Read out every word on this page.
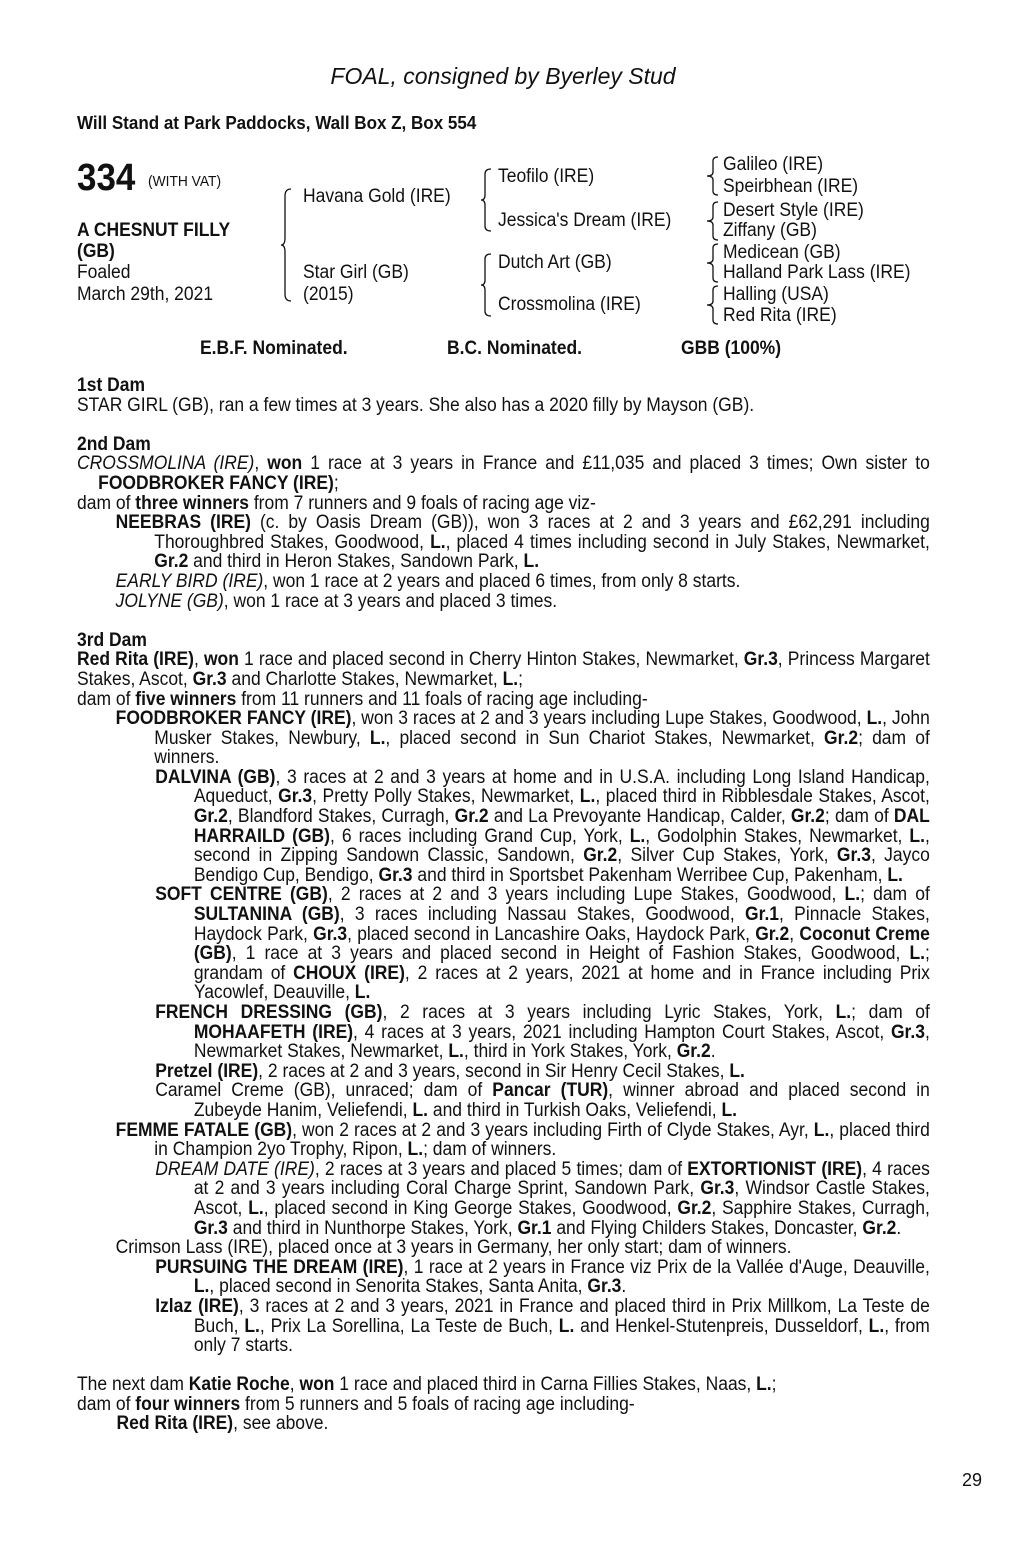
FOAL, consigned by Byerley Stud
Will Stand at Park Paddocks, Wall Box Z, Box 554
334 (WITH VAT)
A CHESNUT FILLY
(GB)
Foaled
March 29th, 2021
Havana Gold (IRE)
Star Girl (GB)
(2015)
Teofilo (IRE)
Jessica's Dream (IRE)
Dutch Art (GB)
Crossmolina (IRE)
Galileo (IRE)
Speirbhean (IRE)
Desert Style (IRE)
Ziffany (GB)
Medicean (GB)
Halland Park Lass (IRE)
Halling (USA)
Red Rita (IRE)
E.B.F. Nominated.	B.C. Nominated.	GBB (100%)
1st Dam
STAR GIRL (GB), ran a few times at 3 years. She also has a 2020 filly by Mayson (GB).
2nd Dam
CROSSMOLINA (IRE), won 1 race at 3 years in France and £11,035 and placed 3 times; Own sister to FOODBROKER FANCY (IRE);
dam of three winners from 7 runners and 9 foals of racing age viz-
NEEBRAS (IRE) (c. by Oasis Dream (GB)), won 3 races at 2 and 3 years and £62,291 including Thoroughbred Stakes, Goodwood, L., placed 4 times including second in July Stakes, Newmarket, Gr.2 and third in Heron Stakes, Sandown Park, L.
EARLY BIRD (IRE), won 1 race at 2 years and placed 6 times, from only 8 starts.
JOLYNE (GB), won 1 race at 3 years and placed 3 times.
3rd Dam
Red Rita (IRE), won 1 race and placed second in Cherry Hinton Stakes, Newmarket, Gr.3, Princess Margaret Stakes, Ascot, Gr.3 and Charlotte Stakes, Newmarket, L.;
dam of five winners from 11 runners and 11 foals of racing age including-
FOODBROKER FANCY (IRE), won 3 races at 2 and 3 years including Lupe Stakes, Goodwood, L., John Musker Stakes, Newbury, L., placed second in Sun Chariot Stakes, Newmarket, Gr.2; dam of winners.
DALVINA (GB), 3 races at 2 and 3 years at home and in U.S.A. including Long Island Handicap, Aqueduct, Gr.3, Pretty Polly Stakes, Newmarket, L., placed third in Ribblesdale Stakes, Ascot, Gr.2, Blandford Stakes, Curragh, Gr.2 and La Prevoyante Handicap, Calder, Gr.2; dam of DAL HARRAILD (GB), 6 races including Grand Cup, York, L., Godolphin Stakes, Newmarket, L., second in Zipping Sandown Classic, Sandown, Gr.2, Silver Cup Stakes, York, Gr.3, Jayco Bendigo Cup, Bendigo, Gr.3 and third in Sportsbet Pakenham Werribee Cup, Pakenham, L.
SOFT CENTRE (GB), 2 races at 2 and 3 years including Lupe Stakes, Goodwood, L.; dam of SULTANINA (GB), 3 races including Nassau Stakes, Goodwood, Gr.1, Pinnacle Stakes, Haydock Park, Gr.3, placed second in Lancashire Oaks, Haydock Park, Gr.2, Coconut Creme (GB), 1 race at 3 years and placed second in Height of Fashion Stakes, Goodwood, L.; grandam of CHOUX (IRE), 2 races at 2 years, 2021 at home and in France including Prix Yacowlef, Deauville, L.
FRENCH DRESSING (GB), 2 races at 3 years including Lyric Stakes, York, L.; dam of MOHAAFETH (IRE), 4 races at 3 years, 2021 including Hampton Court Stakes, Ascot, Gr.3, Newmarket Stakes, Newmarket, L., third in York Stakes, York, Gr.2.
Pretzel (IRE), 2 races at 2 and 3 years, second in Sir Henry Cecil Stakes, L.
Caramel Creme (GB), unraced; dam of Pancar (TUR), winner abroad and placed second in Zubeyde Hanim, Veliefendi, L. and third in Turkish Oaks, Veliefendi, L.
FEMME FATALE (GB), won 2 races at 2 and 3 years including Firth of Clyde Stakes, Ayr, L., placed third in Champion 2yo Trophy, Ripon, L.; dam of winners.
DREAM DATE (IRE), 2 races at 3 years and placed 5 times; dam of EXTORTIONIST (IRE), 4 races at 2 and 3 years including Coral Charge Sprint, Sandown Park, Gr.3, Windsor Castle Stakes, Ascot, L., placed second in King George Stakes, Goodwood, Gr.2, Sapphire Stakes, Curragh, Gr.3 and third in Nunthorpe Stakes, York, Gr.1 and Flying Childers Stakes, Doncaster, Gr.2.
Crimson Lass (IRE), placed once at 3 years in Germany, her only start; dam of winners.
PURSUING THE DREAM (IRE), 1 race at 2 years in France viz Prix de la Vallée d'Auge, Deauville, L., placed second in Senorita Stakes, Santa Anita, Gr.3.
Izlaz (IRE), 3 races at 2 and 3 years, 2021 in France and placed third in Prix Millkom, La Teste de Buch, L., Prix La Sorellina, La Teste de Buch, L. and Henkel-Stutenpreis, Dusseldorf, L., from only 7 starts.
The next dam Katie Roche, won 1 race and placed third in Carna Fillies Stakes, Naas, L.;
dam of four winners from 5 runners and 5 foals of racing age including-
Red Rita (IRE), see above.
29
